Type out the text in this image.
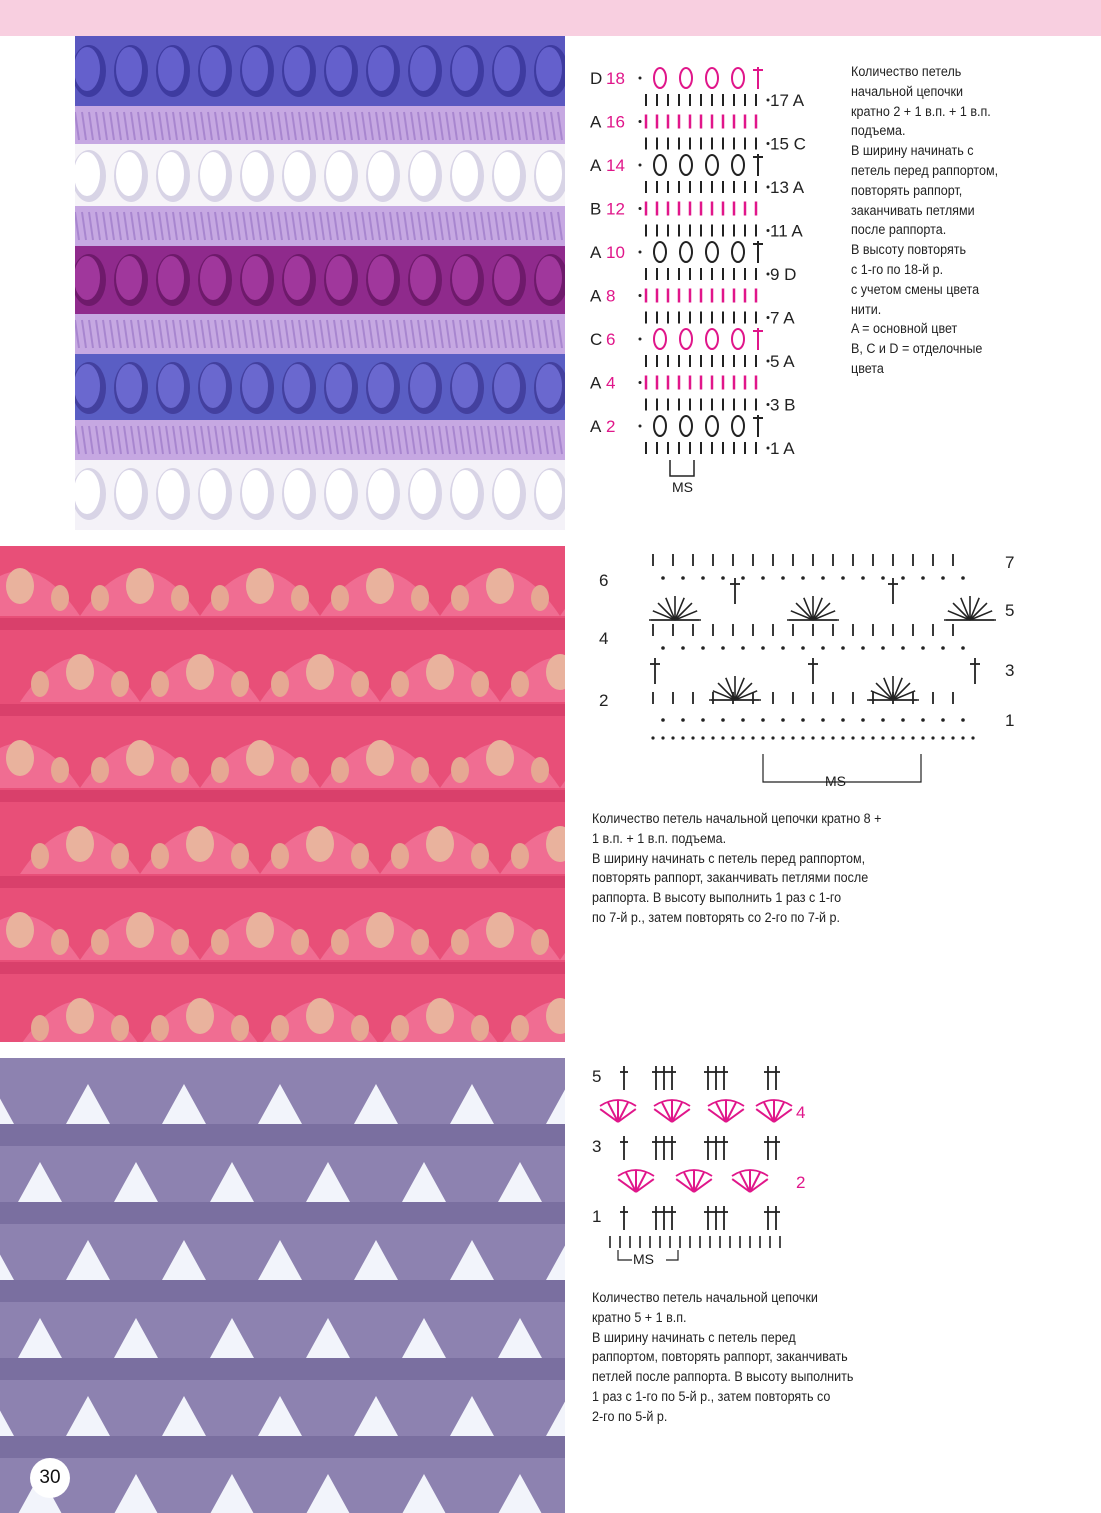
D 18
17 A
A 16
15 C
A 14
13 A
B 12
11 A
A 10
9 D
A 8
7 A
C 6
5 A
A 4
3 B
A 2
1 A
MS
Количество петель
начальной цепочки
кратно 2 + 1 в.п. + 1 в.п.
подъема.
В ширину начинать с
петель перед раппортом,
повторять раппорт,
заканчивать петлями
после раппорта.
В высоту повторять
с 1-го по 18-й р.
с учетом смены цвета
нити.
A = основной цвет
B, C и D = отделочные
цвета
6
4
2
7
5
3
1
MS
Количество петель начальной цепочки кратно 8 +
1 в.п. + 1 в.п. подъема.
В ширину начинать с петель перед раппортом,
повторять раппорт, заканчивать петлями после
раппорта. В высоту выполнить 1 раз с 1-го
по 7-й р., затем повторять со 2-го по 7-й р.
5
3
1
4
2
MS
Количество петель начальной цепочки
кратно 5 + 1 в.п.
В ширину начинать с петель перед
раппортом, повторять раппорт, заканчивать
петлей после раппорта. В высоту выполнить
1 раз с 1-го по 5-й р., затем повторять со
2-го по 5-й р.
30
